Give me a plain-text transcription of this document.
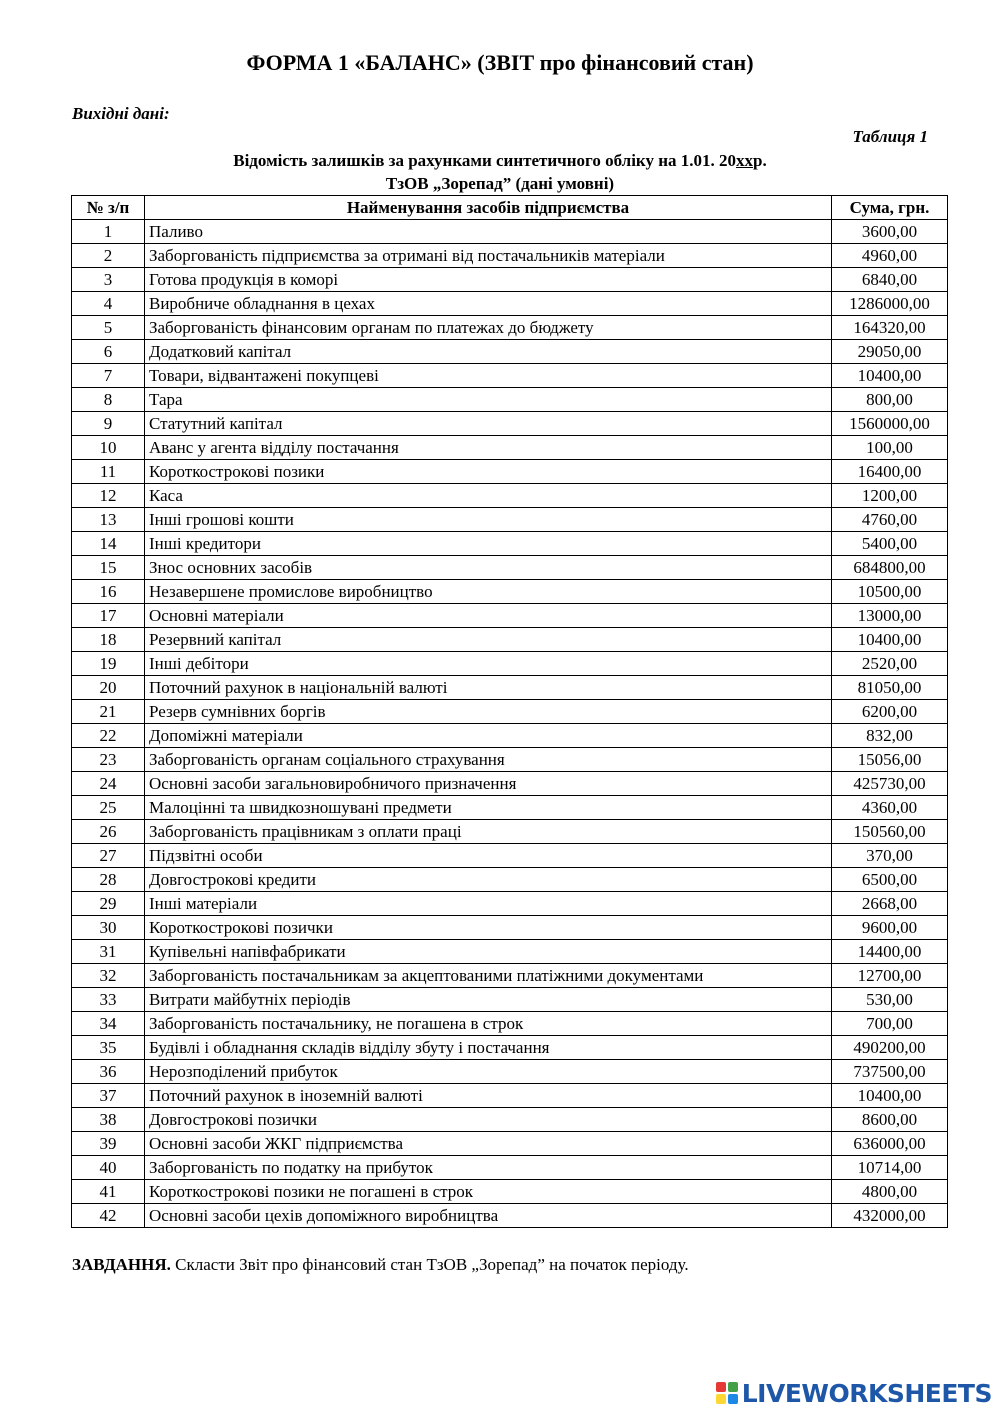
ФОРМА 1 «БАЛАНС» (ЗВІТ про фінансовий стан)
Вихідні дані:
Таблиця 1
Відомість залишків за рахунками синтетичного обліку на 1.01. 20ххр.
ТзОВ „Зорепад” (дані умовні)
№ з/п	Найменування засобів підприємства	Сума, грн.
1	Паливо	3600,00
2	Заборгованість підприємства за отримані від постачальників матеріали	4960,00
3	Готова продукція в коморі	6840,00
4	Виробниче обладнання в цехах	1286000,00
5	Заборгованість фінансовим органам по платежах до бюджету	164320,00
6	Додатковий капітал	29050,00
7	Товари, відвантажені покупцеві	10400,00
8	Тара	800,00
9	Статутний капітал	1560000,00
10	Аванс у агента відділу постачання	100,00
11	Короткострокові позики	16400,00
12	Каса	1200,00
13	Інші грошові кошти	4760,00
14	Інші кредитори	5400,00
15	Знос основних засобів	684800,00
16	Незавершене промислове виробництво	10500,00
17	Основні матеріали	13000,00
18	Резервний капітал	10400,00
19	Інші дебітори	2520,00
20	Поточний рахунок в національній валюті	81050,00
21	Резерв сумнівних боргів	6200,00
22	Допоміжні матеріали	832,00
23	Заборгованість органам соціального страхування	15056,00
24	Основні засоби загальновиробничого призначення	425730,00
25	Малоцінні та швидкозношувані предмети	4360,00
26	Заборгованість працівникам з оплати праці	150560,00
27	Підзвітні особи	370,00
28	Довгострокові кредити	6500,00
29	Інші матеріали	2668,00
30	Короткострокові позички	9600,00
31	Купівельні напівфабрикати	14400,00
32	Заборгованість постачальникам за акцептованими платіжними документами	12700,00
33	Витрати майбутніх періодів	530,00
34	Заборгованість постачальнику, не погашена в строк	700,00
35	Будівлі і обладнання складів відділу збуту і постачання	490200,00
36	Нерозподілений прибуток	737500,00
37	Поточний рахунок в іноземній валюті	10400,00
38	Довгострокові позички	8600,00
39	Основні засоби ЖКГ підприємства	636000,00
40	Заборгованість по податку на прибуток	10714,00
41	Короткострокові позики не погашені в строк	4800,00
42	Основні засоби цехів допоміжного виробництва	432000,00
ЗАВДАННЯ. Скласти Звіт про фінансовий стан ТзОВ „Зорепад” на початок періоду.
LIVEWORKSHEETS
